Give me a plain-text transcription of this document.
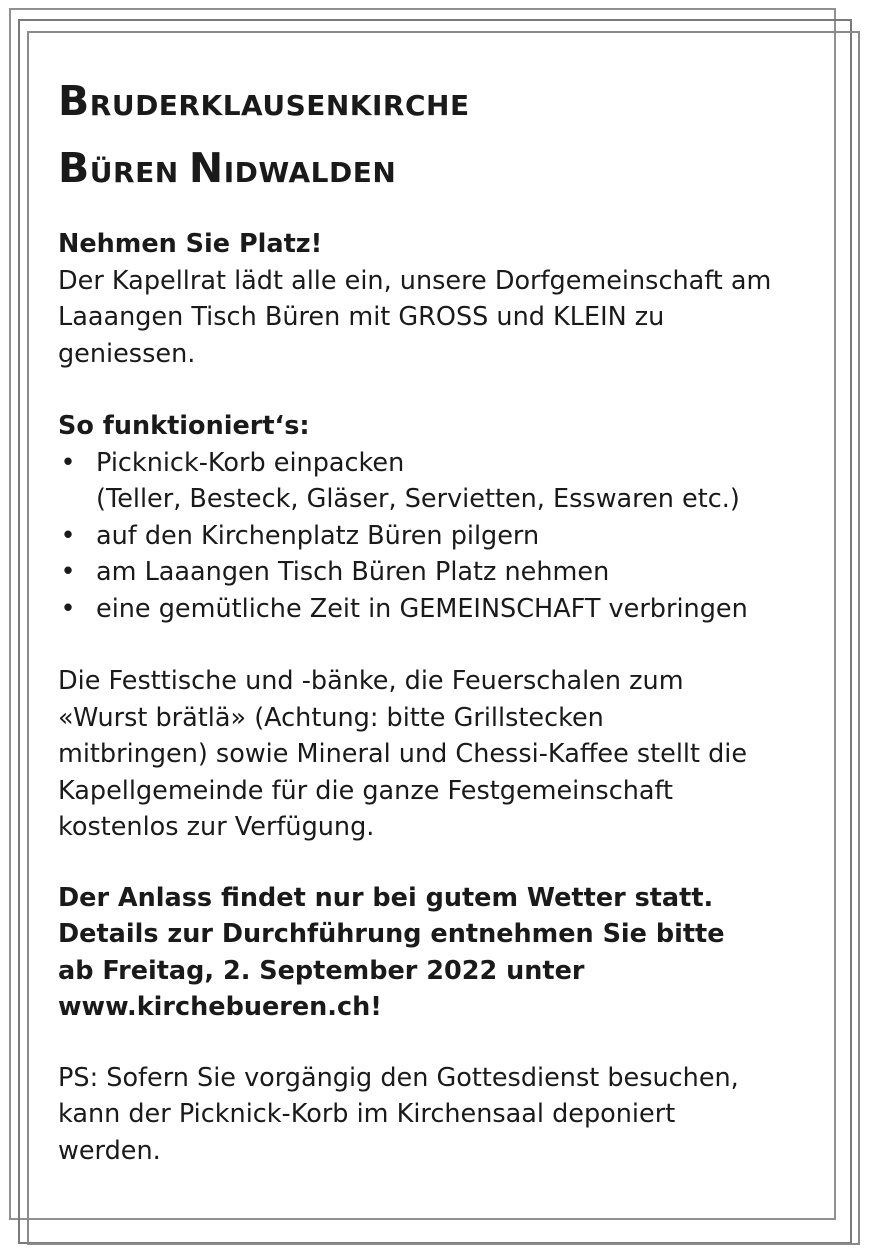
BRUDERKLAUSENKIRCHE
BÜREN NIDWALDEN

Nehmen Sie Platz!
Der Kapellrat lädt alle ein, unsere Dorfgemeinschaft am
Laaangen Tisch Büren mit GROSS und KLEIN zu
geniessen.

So funktioniert‘s:

• Picknick-Korb einpacken
(Teller, Besteck, Gläser, Servietten, Esswaren etc.)
• auf den Kirchenplatz Büren pilgern
• am Laaangen Tisch Büren Platz nehmen
• eine gemütliche Zeit in GEMEINSCHAFT verbringen

Die Festtische und -bänke, die Feuerschalen zum
«Wurst brätlä» (Achtung: bitte Grillstecken
mitbringen) sowie Mineral und Chessi-Kaffee stellt die
Kapellgemeinde für die ganze Festgemeinschaft
kostenlos zur Verfügung.

Der Anlass findet nur bei gutem Wetter statt.
Details zur Durchführung entnehmen Sie bitte
ab Freitag, 2. September 2022 unter
www.kirchebueren.ch!

PS: Sofern Sie vorgängig den Gottesdienst besuchen,
kann der Picknick-Korb im Kirchensaal deponiert
werden.
